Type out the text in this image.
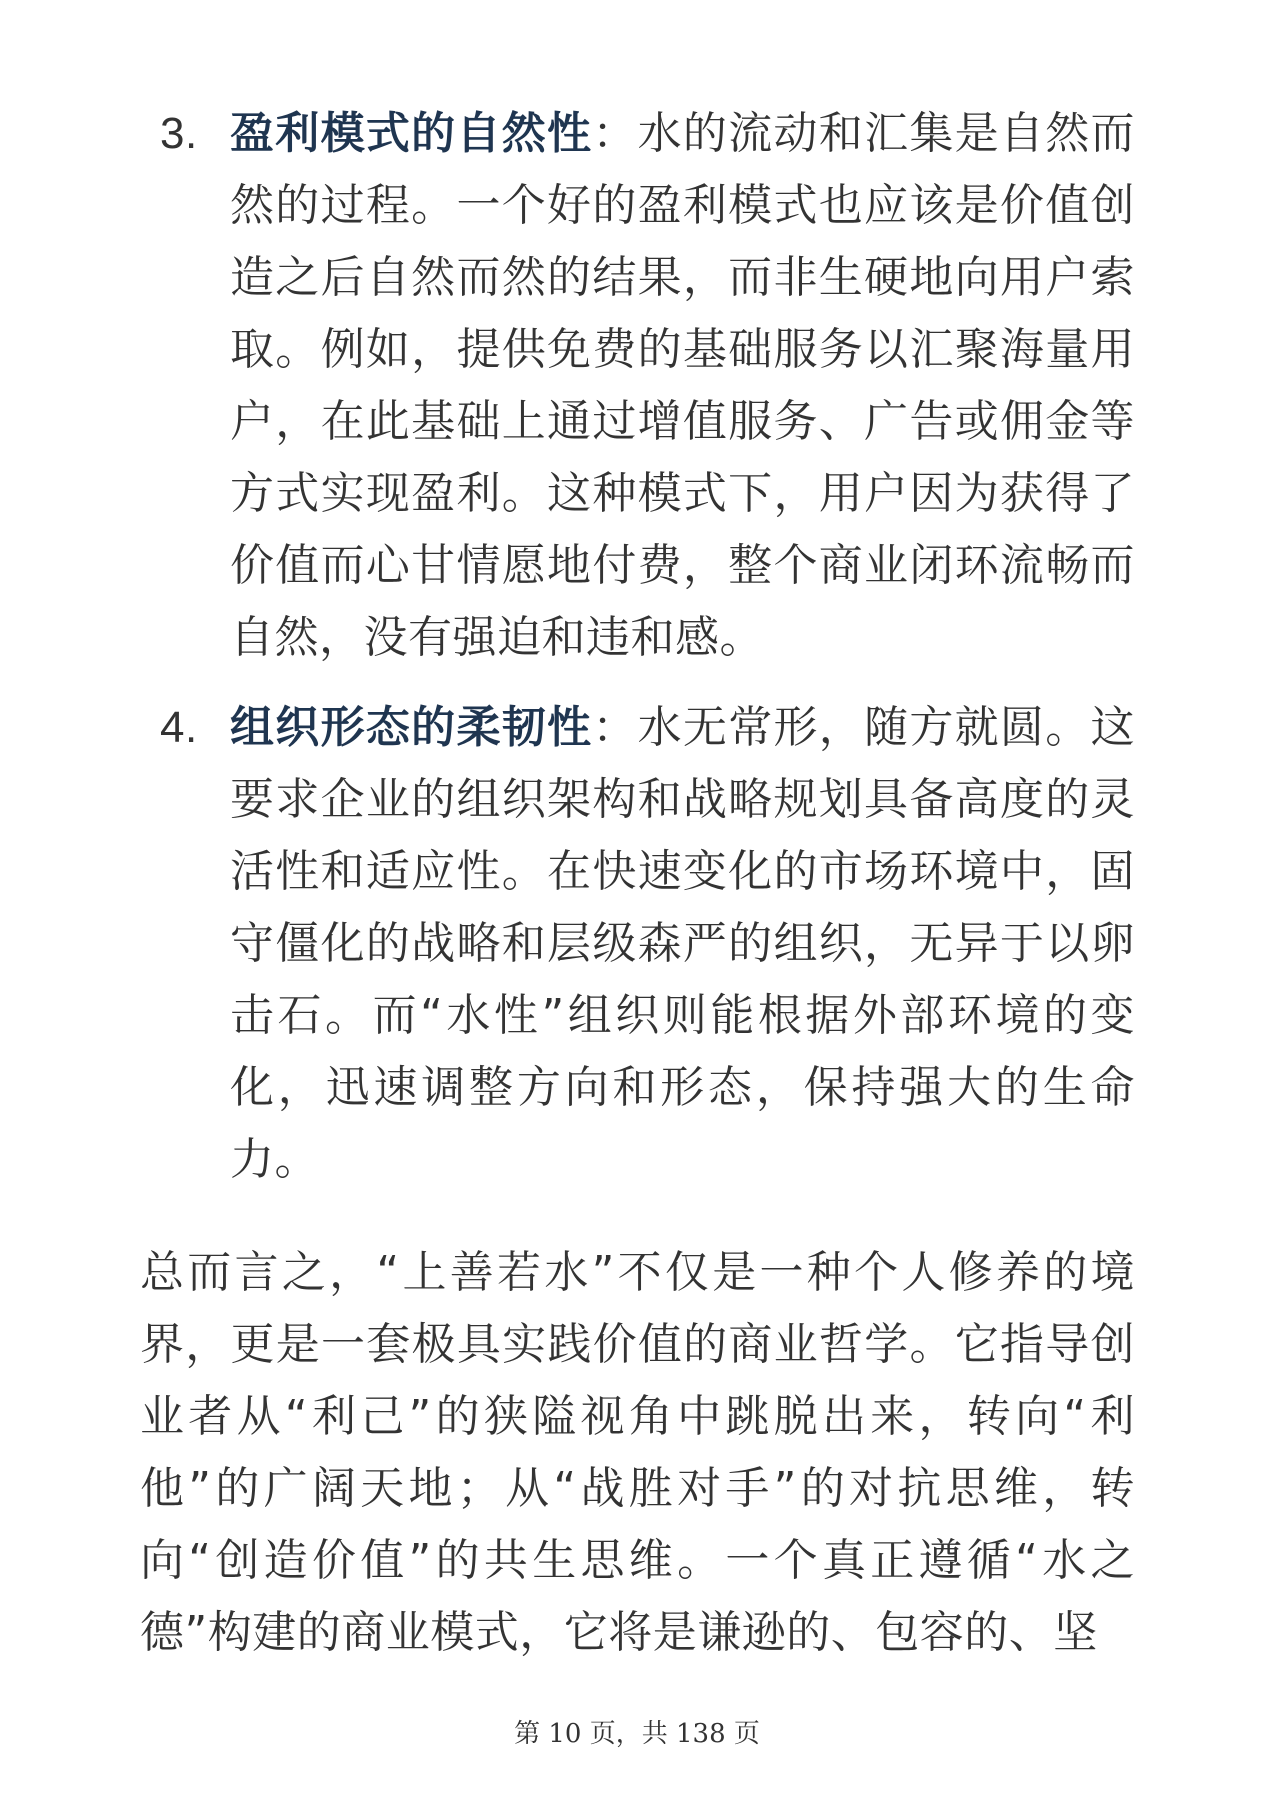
3. 盈利模式的自然性：水的流动和汇集是自然而然的过程。一个好的盈利模式也应该是价值创造之后自然而然的结果，而非生硬地向用户索取。例如，提供免费的基础服务以汇聚海量用户，在此基础上通过增值服务、广告或佣金等方式实现盈利。这种模式下，用户因为获得了价值而心甘情愿地付费，整个商业闭环流畅而自然，没有强迫和违和感。
4. 组织形态的柔韧性：水无常形，随方就圆。这要求企业的组织架构和战略规划具备高度的灵活性和适应性。在快速变化的市场环境中，固守僵化的战略和层级森严的组织，无异于以卵击石。而“水性”组织则能根据外部环境的变化，迅速调整方向和形态，保持强大的生命力。

总而言之，“上善若水”不仅是一种个人修养的境界，更是一套极具实践价值的商业哲学。它指导创业者从“利己”的狭隘视角中跳脱出来，转向“利他”的广阔天地；从“战胜对手”的对抗思维，转向“创造价值”的共生思维。一个真正遵循“水之德”构建的商业模式，它将是谦逊的、包容的、坚

第 10 页，共 138 页
